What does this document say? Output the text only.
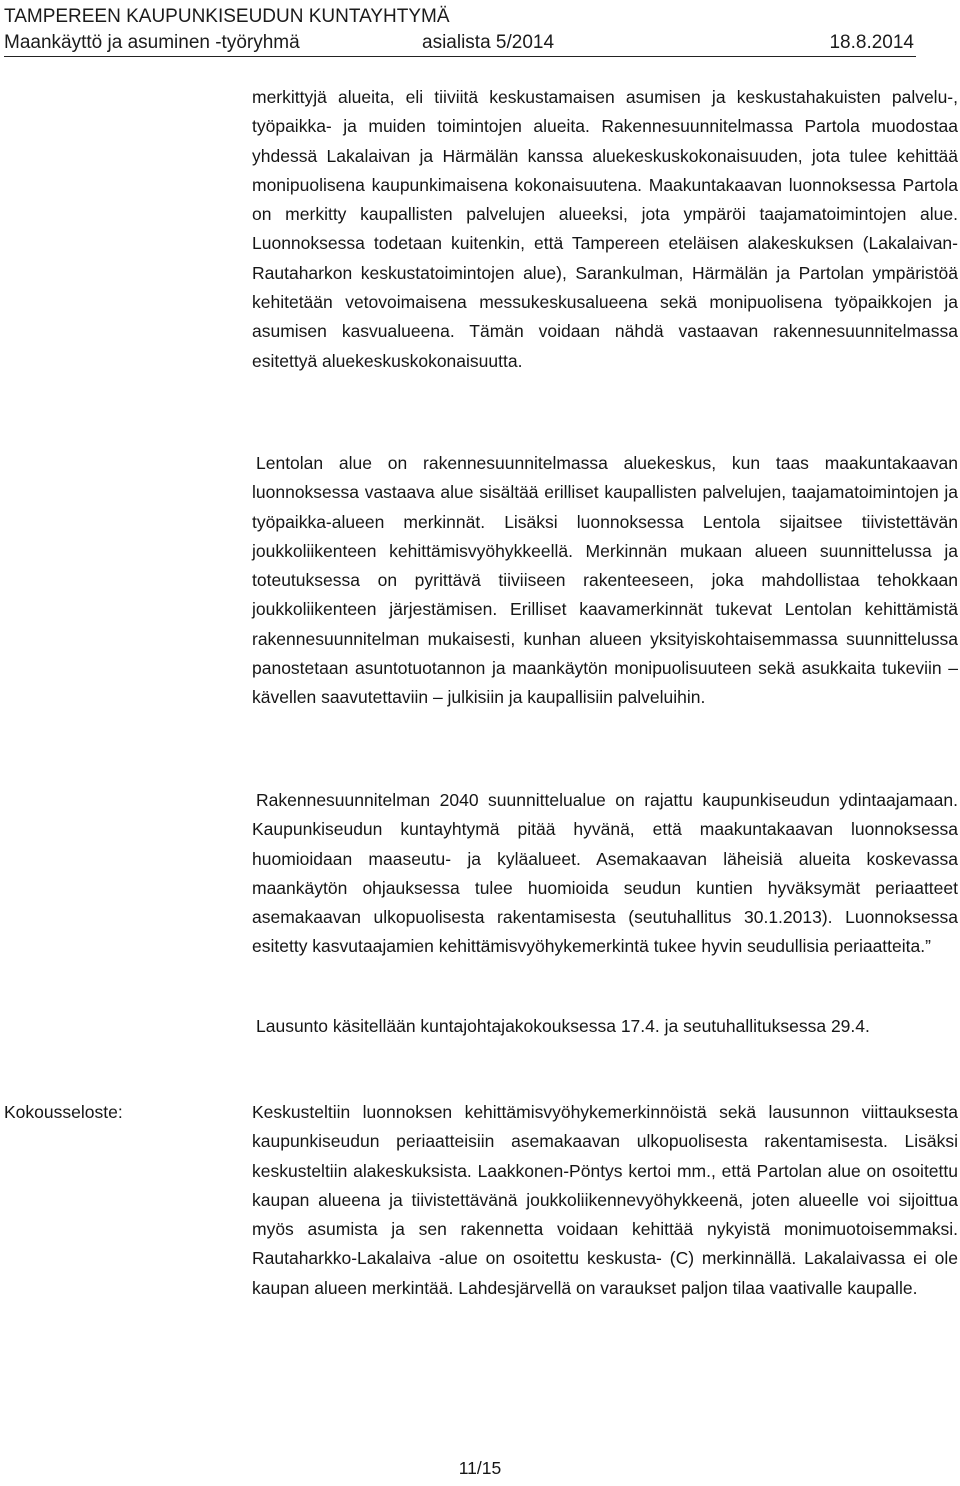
TAMPEREEN KAUPUNKISEUDUN KUNTAYHTYMÄ
Maankäyttö ja asuminen -työryhmä	asialista 5/2014	18.8.2014

merkittyjä alueita, eli tiiviitä keskustamaisen asumisen ja keskustahakuisten palvelu-, työpaikka- ja muiden toimintojen alueita. Rakennesuunnitelmassa Partola muodostaa yhdessä Lakalaivan ja Härmälän kanssa aluekeskuskokonaisuuden, jota tulee kehittää monipuolisena kaupunkimaisena kokonaisuutena. Maakuntakaavan luonnoksessa Partola on merkitty kaupallisten palvelujen alueeksi, jota ympäröi taajamatoimintojen alue. Luonnoksessa todetaan kuitenkin, että Tampereen eteläisen alakeskuksen (Lakalaivan-Rautaharkon keskustatoimintojen alue), Sarankulman, Härmälän ja Partolan ympäristöä kehitetään vetovoimaisena messukeskusalueena sekä monipuolisena työpaikkojen ja asumisen kasvualueena. Tämän voidaan nähdä vastaavan rakennesuunnitelmassa esitettyä aluekeskuskokonaisuutta.

Lentolan alue on rakennesuunnitelmassa aluekeskus, kun taas maakuntakaavan luonnoksessa vastaava alue sisältää erilliset kaupallisten palvelujen, taajamatoimintojen ja työpaikka-alueen merkinnät. Lisäksi luonnoksessa Lentola sijaitsee tiivistettävän joukkoliikenteen kehittämisvyöhykkeellä. Merkinnän mukaan alueen suunnittelussa ja toteutuksessa on pyrittävä tiiviiseen rakenteeseen, joka mahdollistaa tehokkaan joukkoliikenteen järjestämisen. Erilliset kaavamerkinnät tukevat Lentolan kehittämistä rakennesuunnitelman mukaisesti, kunhan alueen yksityiskohtaisemmassa suunnittelussa panostetaan asuntotuotannon ja maankäytön monipuolisuuteen sekä asukkaita tukeviin – kävellen saavutettaviin – julkisiin ja kaupallisiin palveluihin.

Rakennesuunnitelman 2040 suunnittelualue on rajattu kaupunkiseudun ydintaajamaan. Kaupunkiseudun kuntayhtymä pitää hyvänä, että maakuntakaavan luonnoksessa huomioidaan maaseutu- ja kyläalueet. Asemakaavan läheisiä alueita koskevassa maankäytön ohjauksessa tulee huomioida seudun kuntien hyväksymät periaatteet asemakaavan ulkopuolisesta rakentamisesta (seutuhallitus 30.1.2013). Luonnoksessa esitetty kasvutaajamien kehittämisvyöhykemerkintä tukee hyvin seudullisia periaatteita.”

Lausunto käsitellään kuntajohtajakokouksessa 17.4. ja seutuhallituksessa 29.4.

Kokousseloste:	Keskusteltiin luonnoksen kehittämisvyöhykemerkinnöistä sekä lausunnon viittauksesta kaupunkiseudun periaatteisiin asemakaavan ulkopuolisesta rakentamisesta. Lisäksi keskusteltiin alakeskuksista. Laakkonen-Pöntys kertoi mm., että Partolan alue on osoitettu kaupan alueena ja tiivistettävänä joukkoliikennevyöhykkeenä, joten alueelle voi sijoittua myös asumista ja sen rakennetta voidaan kehittää nykyistä monimuotoisemmaksi. Rautaharkko-Lakalaiva -alue on osoitettu keskusta- (C) merkinnällä. Lakalaivassa ei ole kaupan alueen merkintää. Lahdesjärvellä on varaukset paljon tilaa vaativalle kaupalle.

11/15
